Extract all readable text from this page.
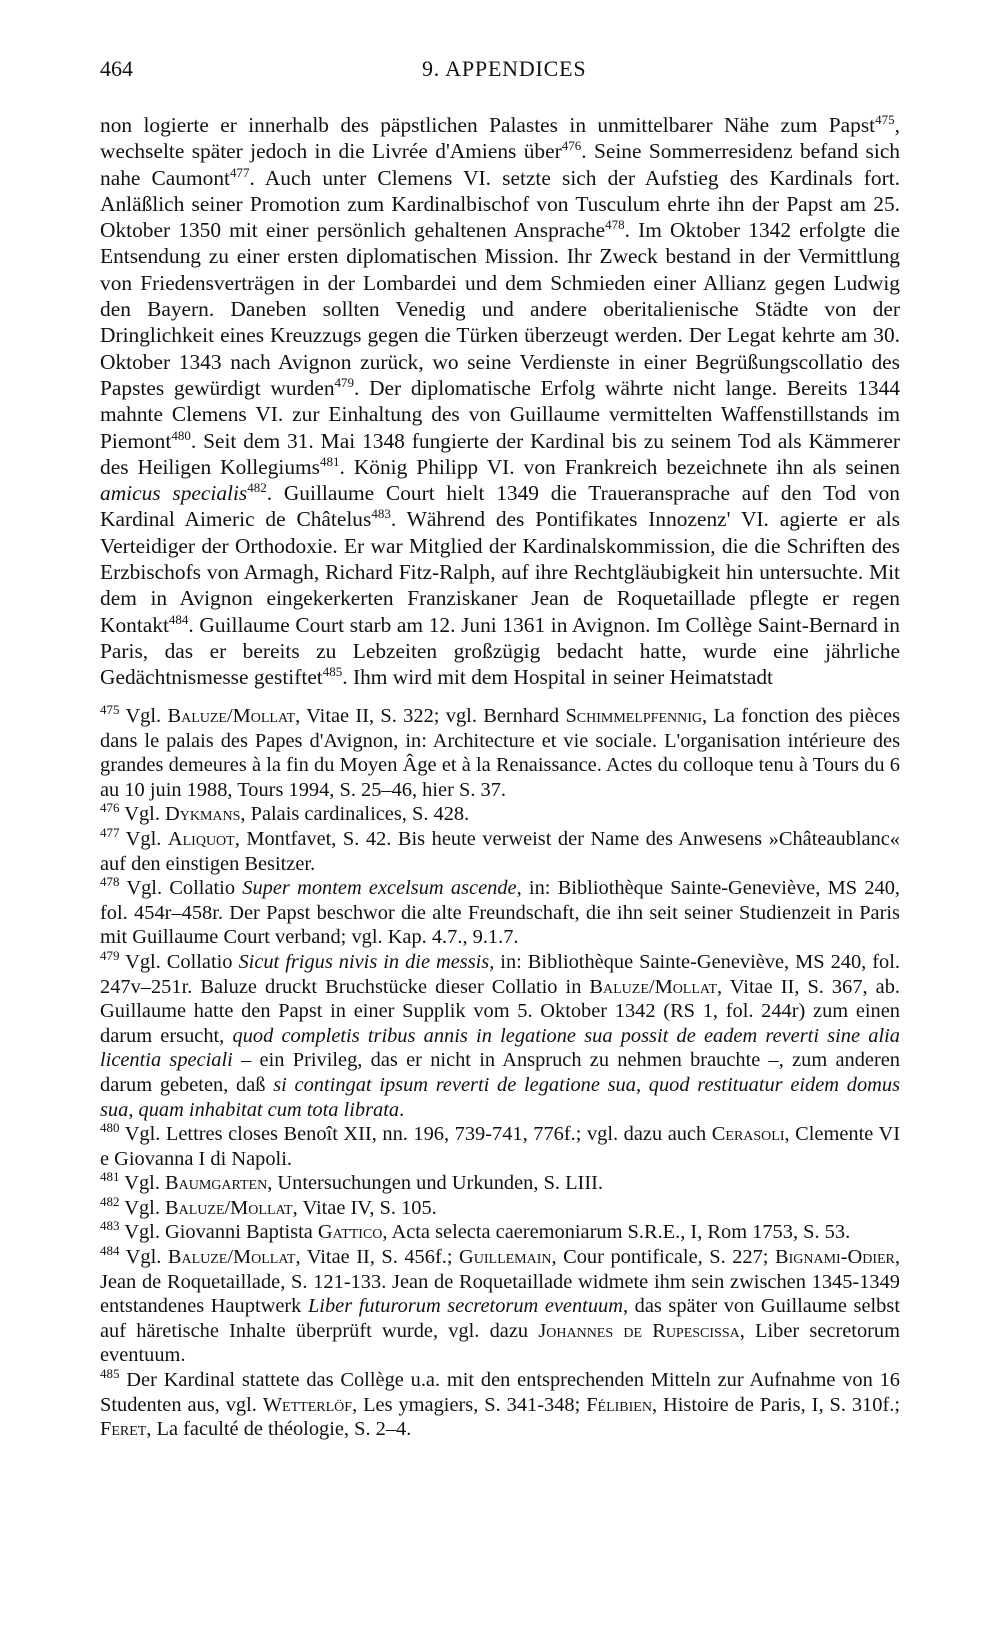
464	9. APPENDICES

non logierte er innerhalb des päpstlichen Palastes in unmittelbarer Nähe zum Papst$^{475}$, wechselte später jedoch in die Livrée d'Amiens über$^{476}$. Seine Sommerresidenz befand sich nahe Caumont$^{477}$. Auch unter Clemens VI. setzte sich der Aufstieg des Kardinals fort. Anläßlich seiner Promotion zum Kardinalbischof von Tusculum ehrte ihn der Papst am 25. Oktober 1350 mit einer persönlich gehaltenen Ansprache$^{478}$. Im Oktober 1342 erfolgte die Entsendung zu einer ersten diplomatischen Mission. Ihr Zweck bestand in der Vermittlung von Friedensverträgen in der Lombardei und dem Schmieden einer Allianz gegen Ludwig den Bayern. Daneben sollten Venedig und andere oberitalienische Städte von der Dringlichkeit eines Kreuzzugs gegen die Türken überzeugt werden. Der Legat kehrte am 30. Oktober 1343 nach Avignon zurück, wo seine Verdienste in einer Begrüßungscollatio des Papstes gewürdigt wurden$^{479}$. Der diplomatische Erfolg währte nicht lange. Bereits 1344 mahnte Clemens VI. zur Einhaltung des von Guillaume vermittelten Waffenstillstands im Piemont$^{480}$. Seit dem 31. Mai 1348 fungierte der Kardinal bis zu seinem Tod als Kämmerer des Heiligen Kollegiums$^{481}$. König Philipp VI. von Frankreich bezeichnete ihn als seinen amicus specialis$^{482}$. Guillaume Court hielt 1349 die Traueransprache auf den Tod von Kardinal Aimeric de Châtelus$^{483}$. Während des Pontifikates Innozenz' VI. agierte er als Verteidiger der Orthodoxie. Er war Mitglied der Kardinalskommission, die die Schriften des Erzbischofs von Armagh, Richard Fitz-Ralph, auf ihre Rechtgläubigkeit hin untersuchte. Mit dem in Avignon eingekerkerten Franziskaner Jean de Roquetaillade pflegte er regen Kontakt$^{484}$. Guillaume Court starb am 12. Juni 1361 in Avignon. Im Collège Saint-Bernard in Paris, das er bereits zu Lebzeiten großzügig bedacht hatte, wurde eine jährliche Gedächtnismesse gestiftet$^{485}$. Ihm wird mit dem Hospital in seiner Heimatstadt

$^{475}$ Vgl. Baluze/Mollat, Vitae II, S. 322; vgl. Bernhard Schimmelpfennig, La fonction des pièces dans le palais des Papes d'Avignon, in: Architecture et vie sociale. L'organisation intérieure des grandes demeures à la fin du Moyen Âge et à la Renaissance. Actes du colloque tenu à Tours du 6 au 10 juin 1988, Tours 1994, S. 25–46, hier S. 37.

$^{476}$ Vgl. Dykmans, Palais cardinalices, S. 428.

$^{477}$ Vgl. Aliquot, Montfavet, S. 42. Bis heute verweist der Name des Anwesens »Châteaublanc« auf den einstigen Besitzer.

$^{478}$ Vgl. Collatio Super montem excelsum ascende, in: Bibliothèque Sainte-Geneviève, MS 240, fol. 454r–458r. Der Papst beschwor die alte Freundschaft, die ihn seit seiner Studienzeit in Paris mit Guillaume Court verband; vgl. Kap. 4.7., 9.1.7.

$^{479}$ Vgl. Collatio Sicut frigus nivis in die messis, in: Bibliothèque Sainte-Geneviève, MS 240, fol. 247v–251r. Baluze druckt Bruchstücke dieser Collatio in Baluze/Mollat, Vitae II, S. 367, ab. Guillaume hatte den Papst in einer Supplik vom 5. Oktober 1342 (RS 1, fol. 244r) zum einen darum ersucht, quod completis tribus annis in legatione sua possit de eadem reverti sine alia licentia speciali – ein Privileg, das er nicht in Anspruch zu nehmen brauchte –, zum anderen darum gebeten, daß si contingat ipsum reverti de legatione sua, quod restituatur eidem domus sua, quam inhabitat cum tota librata.

$^{480}$ Vgl. Lettres closes Benoît XII, nn. 196, 739-741, 776f.; vgl. dazu auch Cerasoli, Clemente VI e Giovanna I di Napoli.

$^{481}$ Vgl. Baumgarten, Untersuchungen und Urkunden, S. LIII.

$^{482}$ Vgl. Baluze/Mollat, Vitae IV, S. 105.

$^{483}$ Vgl. Giovanni Baptista Gattico, Acta selecta caeremoniarum S.R.E., I, Rom 1753, S. 53.

$^{484}$ Vgl. Baluze/Mollat, Vitae II, S. 456f.; Guillemain, Cour pontificale, S. 227; Bignami-Odier, Jean de Roquetaillade, S. 121-133. Jean de Roquetaillade widmete ihm sein zwischen 1345-1349 entstandenes Hauptwerk Liber futurorum secretorum eventuum, das später von Guillaume selbst auf häretische Inhalte überprüft wurde, vgl. dazu Johannes de Rupescissa, Liber secretorum eventuum.

$^{485}$ Der Kardinal stattete das Collège u.a. mit den entsprechenden Mitteln zur Aufnahme von 16 Studenten aus, vgl. Wetterlöf, Les ymagiers, S. 341-348; Félibien, Histoire de Paris, I, S. 310f.; Feret, La faculté de théologie, S. 2–4.
